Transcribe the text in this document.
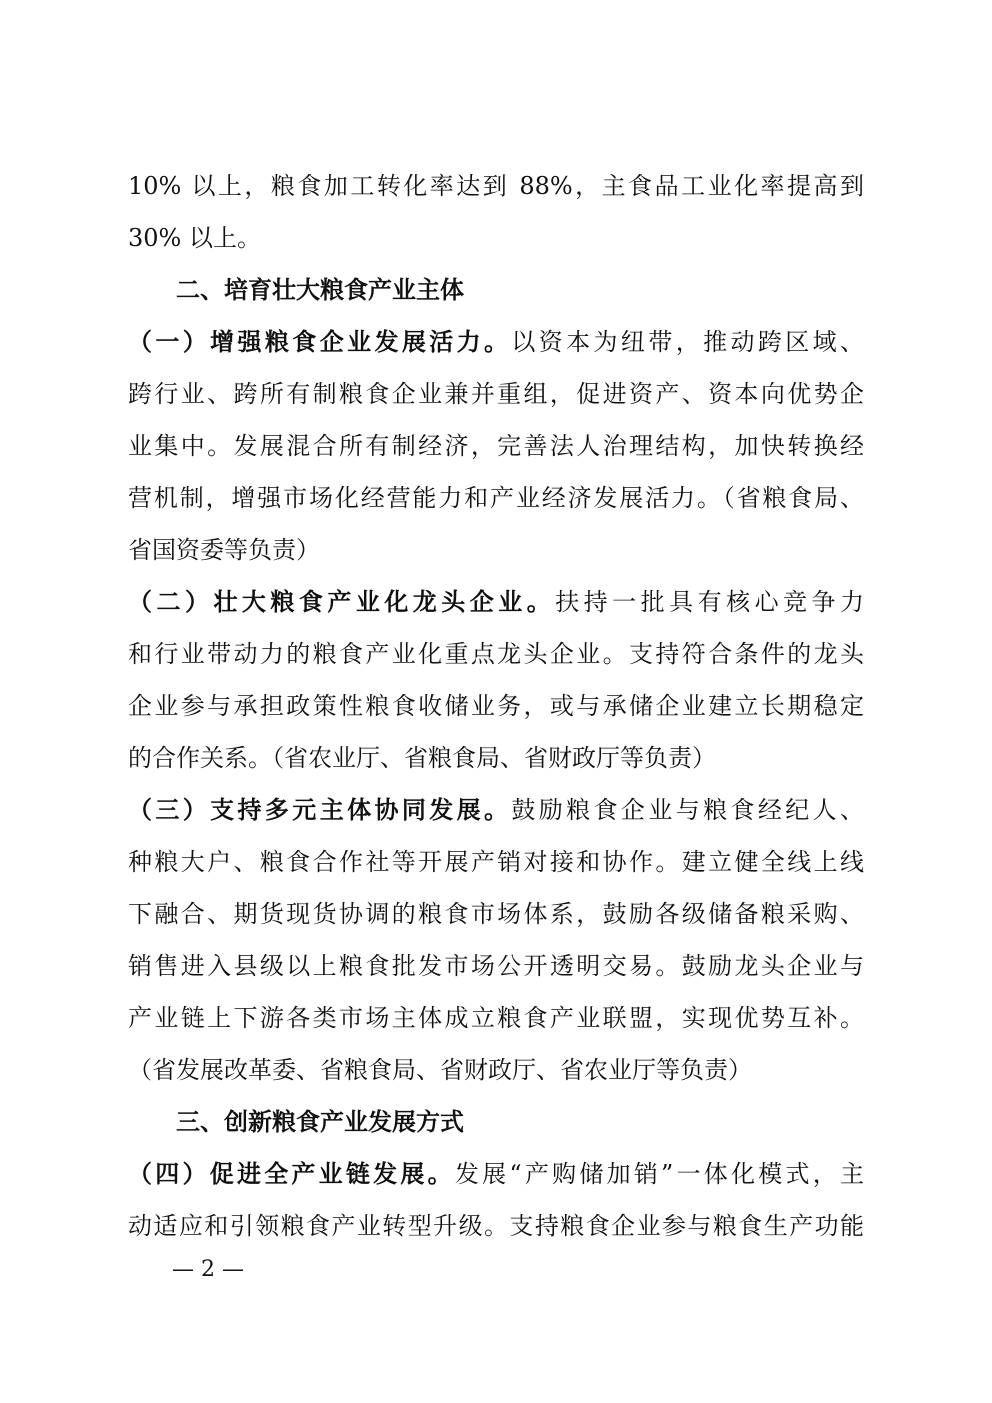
10% 以上，粮食加工转化率达到 88%，主食品工业化率提高到
30% 以上。
二、培育壮大粮食产业主体
（一）增强粮食企业发展活力。以资本为纽带，推动跨区域、
跨行业、跨所有制粮食企业兼并重组，促进资产、资本向优势企
业集中。发展混合所有制经济，完善法人治理结构，加快转换经
营机制，增强市场化经营能力和产业经济发展活力。（省粮食局、
省国资委等负责）
（二）壮大粮食产业化龙头企业。扶持一批具有核心竞争力
和行业带动力的粮食产业化重点龙头企业。支持符合条件的龙头
企业参与承担政策性粮食收储业务，或与承储企业建立长期稳定
的合作关系。（省农业厅、省粮食局、省财政厅等负责）
（三）支持多元主体协同发展。鼓励粮食企业与粮食经纪人、
种粮大户、粮食合作社等开展产销对接和协作。建立健全线上线
下融合、期货现货协调的粮食市场体系，鼓励各级储备粮采购、
销售进入县级以上粮食批发市场公开透明交易。鼓励龙头企业与
产业链上下游各类市场主体成立粮食产业联盟，实现优势互补。
（省发展改革委、省粮食局、省财政厅、省农业厅等负责）
三、创新粮食产业发展方式
（四）促进全产业链发展。发展“产购储加销”一体化模式，主
动适应和引领粮食产业转型升级。支持粮食企业参与粮食生产功能
— 2 —
